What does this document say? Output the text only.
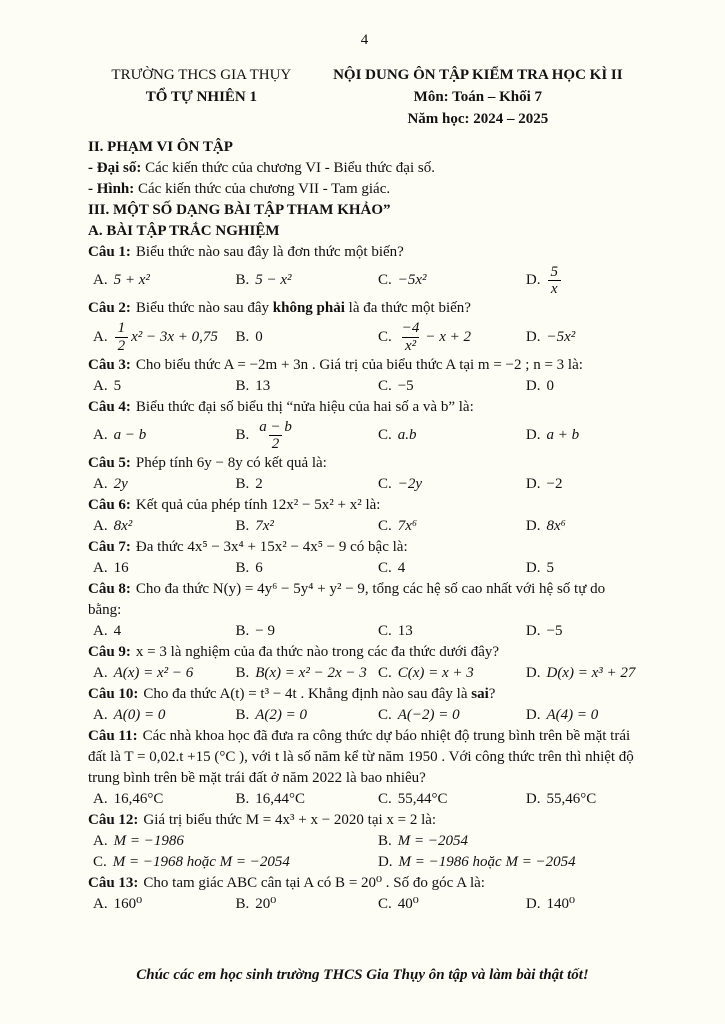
4
TRƯỜNG THCS GIA THỤY
TỔ TỰ NHIÊN 1
NỘI DUNG ÔN TẬP KIỂM TRA HỌC KÌ II
Môn: Toán – Khối 7
Năm học: 2024 – 2025

II. PHẠM VI ÔN TẬP

- Đại số: Các kiến thức của chương VI - Biểu thức đại số.

- Hình: Các kiến thức của chương VII - Tam giác.

III. MỘT SỐ DẠNG BÀI TẬP THAM KHẢO”

A. BÀI TẬP TRẮC NGHIỆM

Câu 1: Biểu thức nào sau đây là đơn thức một biến?

A. 5 + x²	B. 5 − x²	C. −5x²	D. $\frac{5}{x}$

Câu 2: Biểu thức nào sau đây không phải là đa thức một biến?

A. $\frac{1}{2} x^2 - 3x + 0,75$ B. 0	C. $\frac{-4}{\text{x²}} - x + 2$	D. −5x²

Câu 3: Cho biểu thức A = −2m + 3n . Giá trị của biểu thức A tại m = −2 ; n = 3 là:

A. 5	B. 13	C. −5	D. 0

Câu 4: Biểu thức đại số biểu thị “nửa hiệu của hai số a và b” là:

A. a − b	B. $\frac{a - b}{2}$	C. a.b	D. a + b

Câu 5: Phép tính 6y − 8y có kết quả là:

A. 2y	B. 2	C. −2y	D. −2

Câu 6: Kết quả của phép tính 12x² − 5x² + x² là:

A. 8x²	B. 7x²	C. 7x⁶	D. 8x⁶

Câu 7: Đa thức 4x⁵ − 3x⁴ + 15x² − 4x⁵ − 9 có bậc là:

A. 16	B. 6	C. 4	D. 5

Câu 8: Cho đa thức N(y) = 4y⁶ − 5y⁴ + y² − 9, tổng các hệ số cao nhất với hệ số tự do bằng:

A. 4	B. − 9	C. 13	D. −5

Câu 9: x = 3 là nghiệm của đa thức nào trong các đa thức dưới đây?

A. A(x) = x² − 6	B. B(x) = x² − 2x − 3 C. C(x) = x + 3	D. D(x) = x³ + 27

Câu 10: Cho đa thức A(t) = t³ − 4t . Khẳng định nào sau đây là sai?

A. A(0) = 0	B. A(2) = 0	C. A(−2) = 0	D. A(4) = 0

Câu 11: Các nhà khoa học đã đưa ra công thức dự báo nhiệt độ trung bình trên bề mặt trái đất là T = 0,02.t +15 (°C ), với t là số năm kể từ năm 1950 . Với công thức trên thì nhiệt độ trung bình trên bề mặt trái đất ở năm 2022 là bao nhiêu?

A. 16,46°C	B. 16,44°C	C. 55,44°C	D. 55,46°C

Câu 12: Giá trị biểu thức M = 4x³ + x − 2020 tại x = 2 là:

A. M = −1986	B. M = −2054
C. M = −1968 hoặc M = −2054	D. M = −1986 hoặc M = −2054

Câu 13: Cho tam giác ABC cân tại A có B = 20⁰ . Số đo góc A là:

A. 160⁰	B. 20⁰	C. 40⁰	D. 140⁰
Chúc các em học sinh trường THCS Gia Thụy ôn tập và làm bài thật tốt!
